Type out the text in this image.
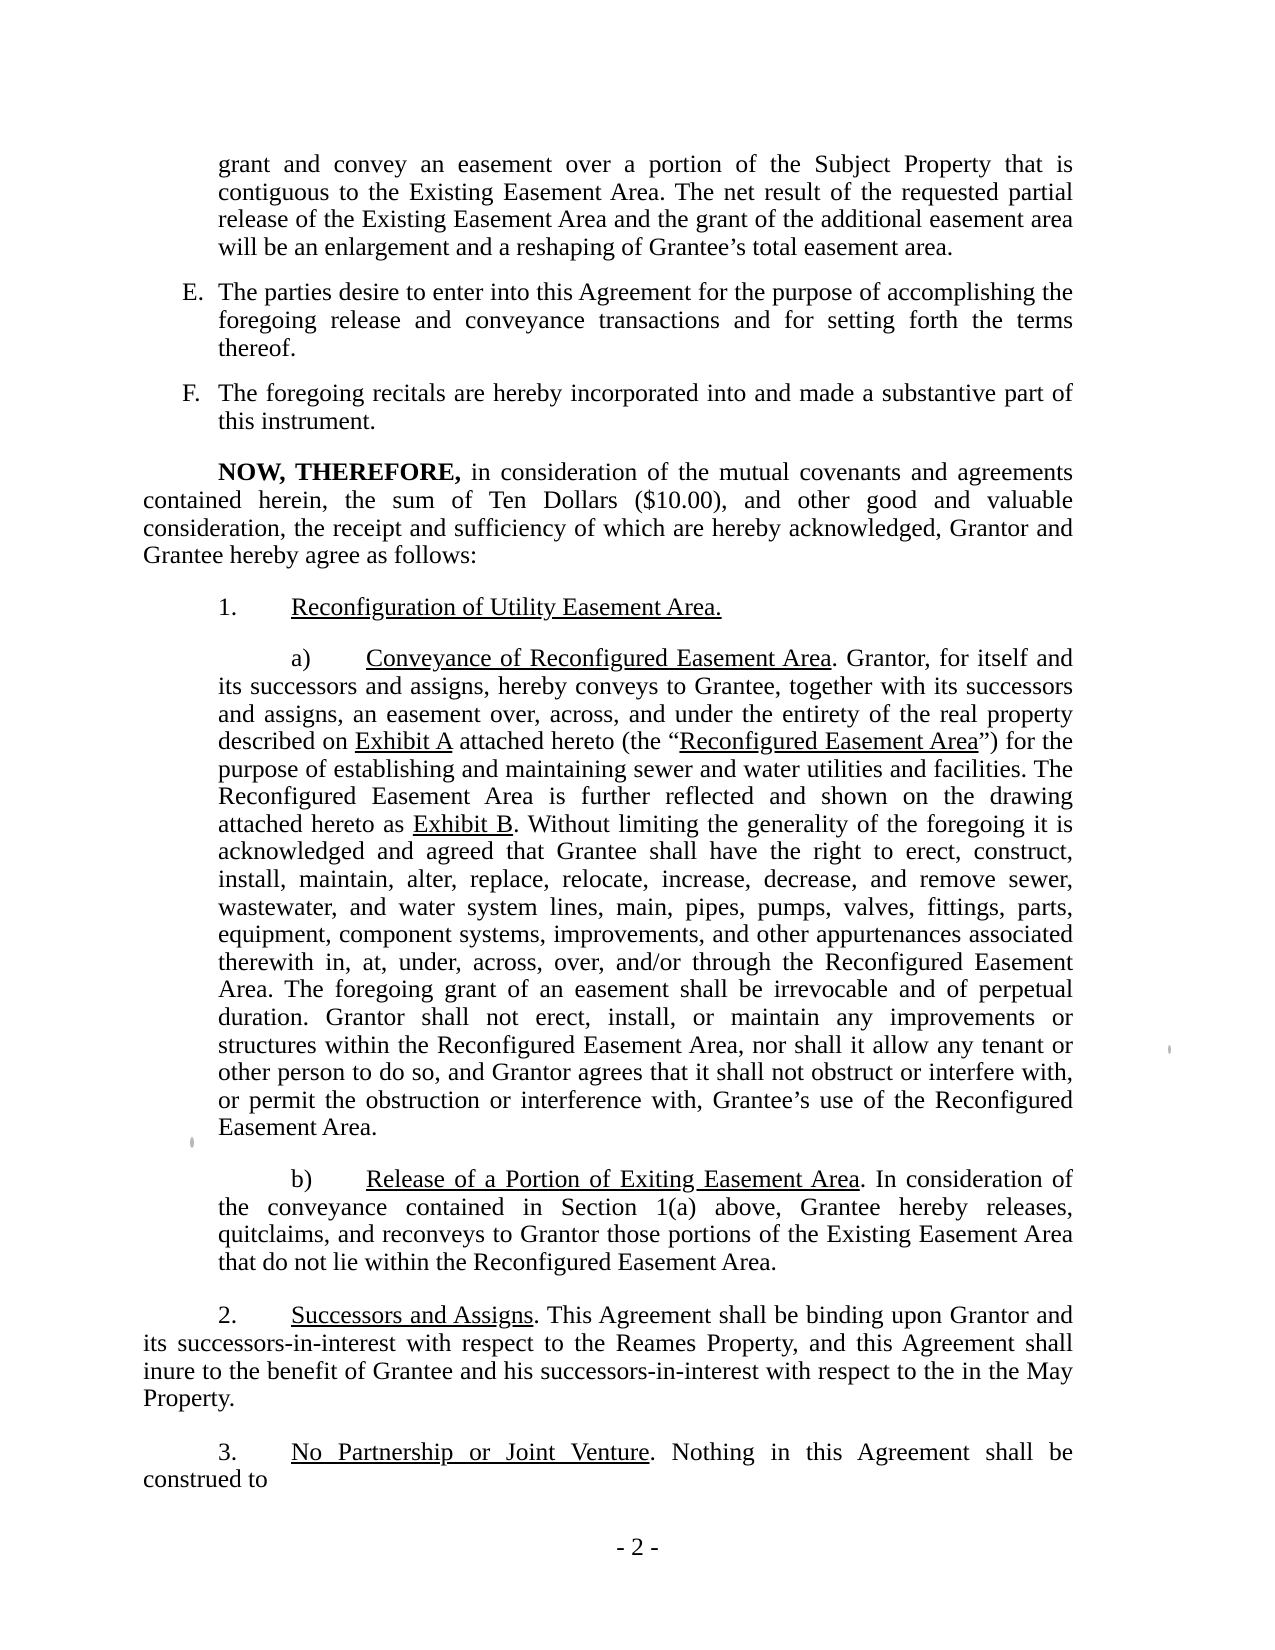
grant and convey an easement over a portion of the Subject Property that is contiguous to the Existing Easement Area. The net result of the requested partial release of the Existing Easement Area and the grant of the additional easement area will be an enlargement and a reshaping of Grantee’s total easement area.

E. The parties desire to enter into this Agreement for the purpose of accomplishing the foregoing release and conveyance transactions and for setting forth the terms thereof.

F. The foregoing recitals are hereby incorporated into and made a substantive part of this instrument.

NOW, THEREFORE, in consideration of the mutual covenants and agreements contained herein, the sum of Ten Dollars ($10.00), and other good and valuable consideration, the receipt and sufficiency of which are hereby acknowledged, Grantor and Grantee hereby agree as follows:

1.	Reconfiguration of Utility Easement Area.

a) Conveyance of Reconfigured Easement Area. Grantor, for itself and its successors and assigns, hereby conveys to Grantee, together with its successors and assigns, an easement over, across, and under the entirety of the real property described on Exhibit A attached hereto (the “Reconfigured Easement Area”) for the purpose of establishing and maintaining sewer and water utilities and facilities. The Reconfigured Easement Area is further reflected and shown on the drawing attached hereto as Exhibit B. Without limiting the generality of the foregoing it is acknowledged and agreed that Grantee shall have the right to erect, construct, install, maintain, alter, replace, relocate, increase, decrease, and remove sewer, wastewater, and water system lines, main, pipes, pumps, valves, fittings, parts, equipment, component systems, improvements, and other appurtenances associated therewith in, at, under, across, over, and/or through the Reconfigured Easement Area. The foregoing grant of an easement shall be irrevocable and of perpetual duration. Grantor shall not erect, install, or maintain any improvements or structures within the Reconfigured Easement Area, nor shall it allow any tenant or other person to do so, and Grantor agrees that it shall not obstruct or interfere with, or permit the obstruction or interference with, Grantee’s use of the Reconfigured Easement Area.

b) Release of a Portion of Exiting Easement Area. In consideration of the conveyance contained in Section 1(a) above, Grantee hereby releases, quitclaims, and reconveys to Grantor those portions of the Existing Easement Area that do not lie within the Reconfigured Easement Area.

2. Successors and Assigns. This Agreement shall be binding upon Grantor and its successors-in-interest with respect to the Reames Property, and this Agreement shall inure to the benefit of Grantee and his successors-in-interest with respect to the in the May Property.

3. No Partnership or Joint Venture. Nothing in this Agreement shall be construed to

- 2 -
